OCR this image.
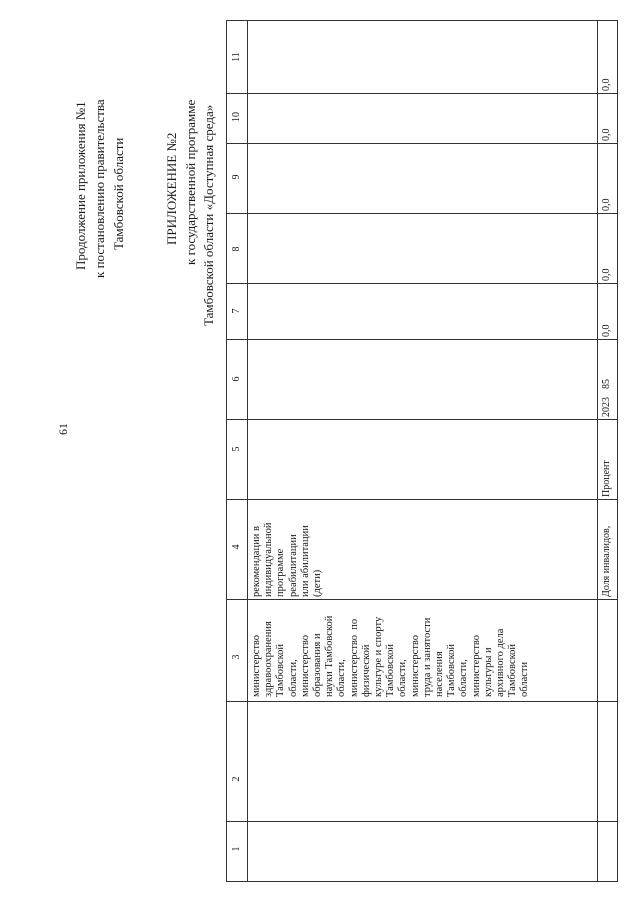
61
Продолжение приложения №1 к постановлению правительства Тамбовской области	ПРИЛОЖЕНИЕ №2 к государственной программе Тамбовской области «Доступная среда»
11
10
9
8
7
6
5
4
3
2
1
министерство
здравоохранения
Тамбовской
области,
министерство
образования и
науки Тамбовской
области,
министерство  по
физической
культуре и спорту
Тамбовской
области,
министерство
труда и занятости
населения
Тамбовской
области,
министерство
культуры и
архивного дела
Тамбовской
области
рекомендации в
индивидуальной
программе
реабилитации
или абилитации
(дети)	Доля инвалидов,
Процент
2023
85
0,0
0,0
0,0
0,0
0,0
